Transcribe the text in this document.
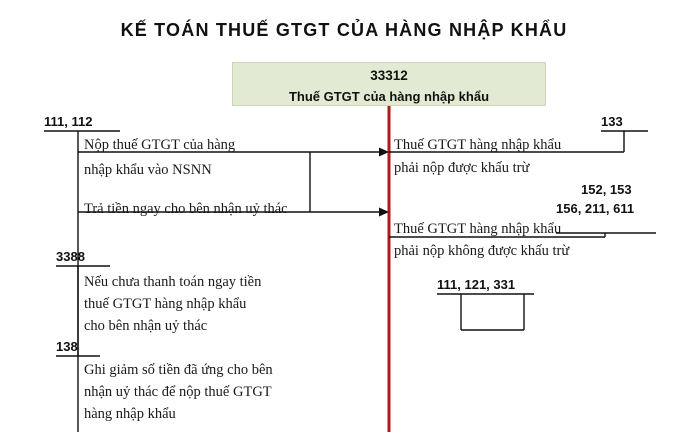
KẾ TOÁN THUẾ GTGT CỦA HÀNG NHẬP KHẨU
33312
Thuế GTGT của hàng nhập khẩu
111, 112
3388
138
133
152, 153
156, 211, 611
111, 121, 331
Nộp thuế GTGT của hàng
nhập khẩu vào NSNN
Trả tiền ngay cho bên nhận uỷ thác
Nếu chưa thanh toán ngay tiền
thuế GTGT hàng nhập khẩu
cho bên nhận uỷ thác
Ghi giảm số tiền đã ứng cho bên
nhận uỷ thác để nộp thuế GTGT
hàng nhập khẩu
Thuế GTGT hàng nhập khẩu
phải nộp được khấu trừ
Thuế GTGT hàng nhập khẩu
phải nộp không được khấu trừ
